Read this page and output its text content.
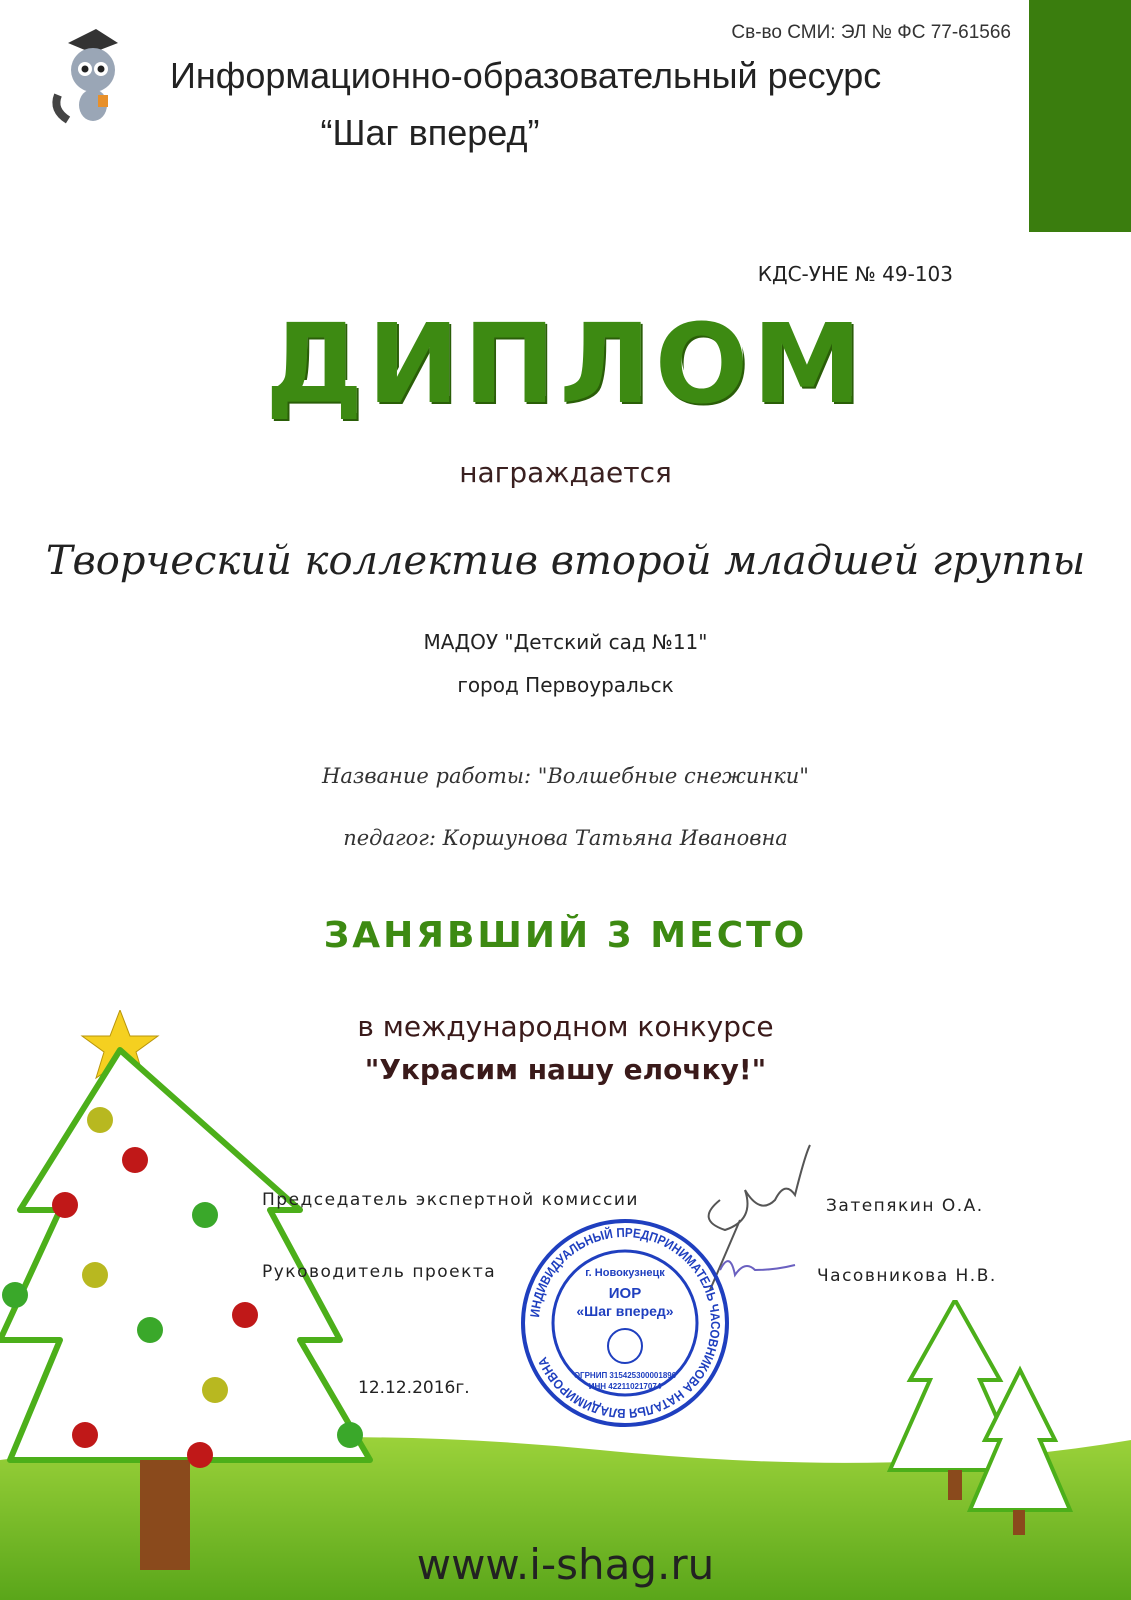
Св-во СМИ: ЭЛ № ФС 77-61566
Информационно-образовательный ресурс
“Шаг вперед”
КДС-УНЕ № 49-103
ДИПЛОМ
награждается
Творческий коллектив второй младшей группы
МАДОУ "Детский сад №11"
город Первоуральск
Название работы: "Волшебные снежинки"
педагог: Коршунова Татьяна Ивановна
ЗАНЯВШИЙ 3 МЕСТО
в международном конкурсе
"Украсим нашу елочку!"
Председатель экспертной комиссии
Руководитель проекта
Затепякин О.А.
Часовникова Н.В.
12.12.2016г.
ИНДИВИДУАЛЬНЫЙ ПРЕДПРИНИМАТЕЛЬ ЧАСОВНИКОВА НАТАЛЬЯ ВЛАДИМИРОВНА
г. Новокузнецк
ИОР
«Шаг вперед»
ОГРНИП 315425300001890
ИНН 422110217074
www.i-shag.ru
